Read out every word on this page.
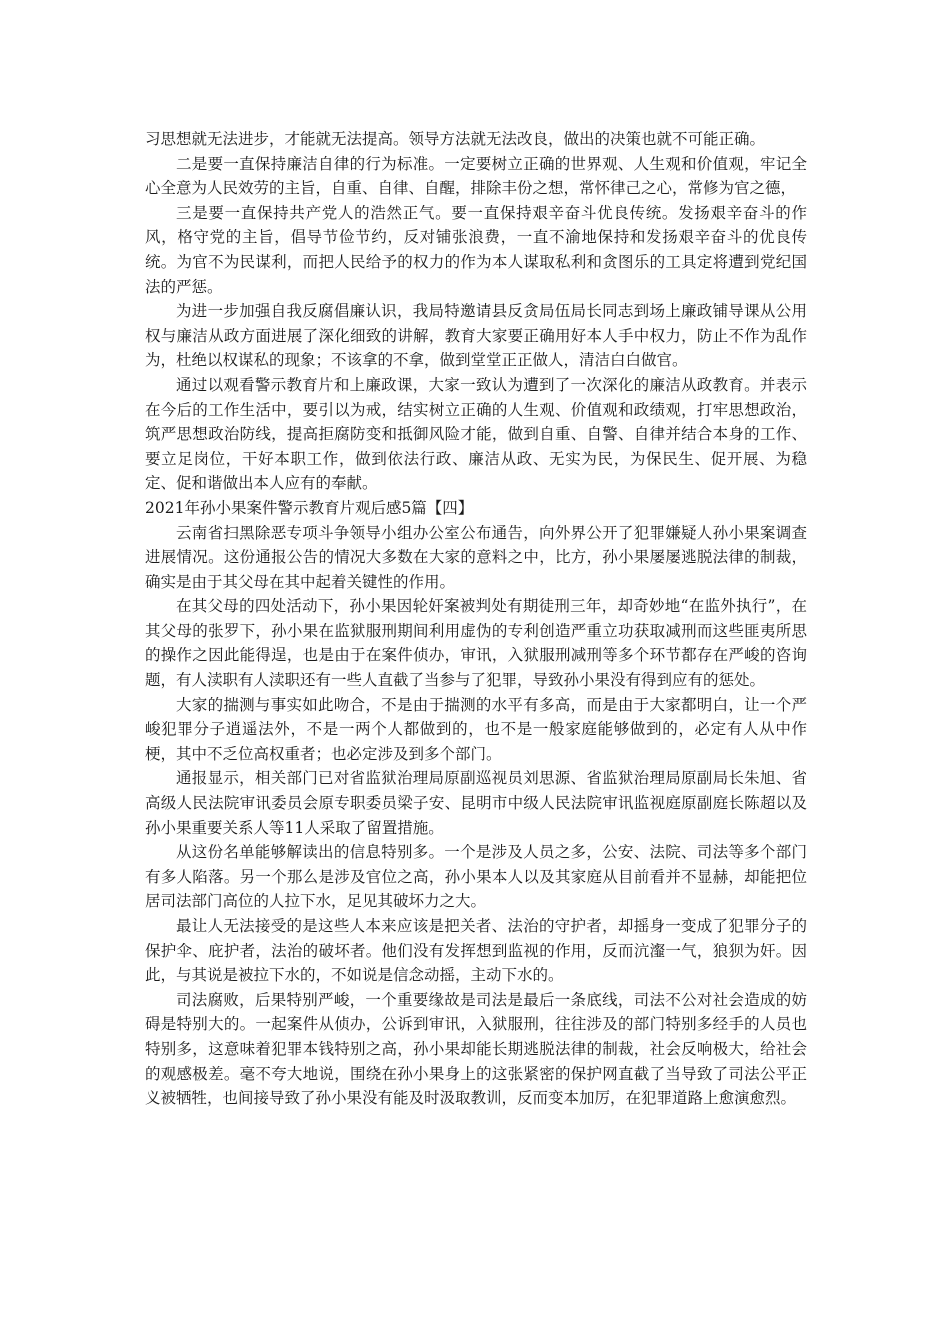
习思想就无法进步，才能就无法提高。领导方法就无法改良，做出的决策也就不可能正确。

二是要一直保持廉洁自律的行为标准。一定要树立正确的世界观、人生观和价值观，牢记全心全意为人民效劳的主旨，自重、自律、自醒，排除丰份之想，常怀律己之心，常修为官之德，

三是要一直保持共产党人的浩然正气。要一直保持艰辛奋斗优良传统。发扬艰辛奋斗的作风，格守党的主旨，倡导节俭节约，反对铺张浪费，一直不渝地保持和发扬艰辛奋斗的优良传统。为官不为民谋利，而把人民给予的权力的作为本人谋取私利和贪图乐的工具定将遭到党纪国法的严惩。

为进一步加强自我反腐倡廉认识，我局特邀请县反贪局伍局长同志到场上廉政铺导课从公用权与廉洁从政方面进展了深化细致的讲解，教育大家要正确用好本人手中权力，防止不作为乱作为，杜绝以权谋私的现象；不该拿的不拿，做到堂堂正正做人，清洁白白做官。

通过以观看警示教育片和上廉政课，大家一致认为遭到了一次深化的廉洁从政教育。并表示在今后的工作生活中，要引以为戒，结实树立正确的人生观、价值观和政绩观，打牢思想政治，筑严思想政治防线，提高拒腐防变和抵御风险才能，做到自重、自警、自律并结合本身的工作、要立足岗位，干好本职工作，做到依法行政、廉洁从政、无实为民，为保民生、促开展、为稳定、促和谐做出本人应有的奉献。

2021年孙小果案件警示教育片观后感5篇【四】

云南省扫黑除恶专项斗争领导小组办公室公布通告，向外界公开了犯罪嫌疑人孙小果案调查进展情况。这份通报公告的情况大多数在大家的意料之中，比方，孙小果屡屡逃脱法律的制裁，确实是由于其父母在其中起着关键性的作用。

在其父母的四处活动下，孙小果因轮奸案被判处有期徒刑三年，却奇妙地“在监外执行”，在其父母的张罗下，孙小果在监狱服刑期间利用虚伪的专利创造严重立功获取减刑而这些匪夷所思的操作之因此能得逞，也是由于在案件侦办，审讯，入狱服刑减刑等多个环节都存在严峻的咨询题，有人渎职有人渎职还有一些人直截了当参与了犯罪，导致孙小果没有得到应有的惩处。

大家的揣测与事实如此吻合，不是由于揣测的水平有多高，而是由于大家都明白，让一个严峻犯罪分子逍遥法外，不是一两个人都做到的，也不是一般家庭能够做到的，必定有人从中作梗，其中不乏位高权重者；也必定涉及到多个部门。

通报显示，相关部门已对省监狱治理局原副巡视员刘思源、省监狱治理局原副局长朱旭、省高级人民法院审讯委员会原专职委员梁子安、昆明市中级人民法院审讯监视庭原副庭长陈超以及孙小果重要关系人等11人采取了留置措施。

从这份名单能够解读出的信息特别多。一个是涉及人员之多，公安、法院、司法等多个部门有多人陷落。另一个那么是涉及官位之高，孙小果本人以及其家庭从目前看并不显赫，却能把位居司法部门高位的人拉下水，足见其破坏力之大。

最让人无法接受的是这些人本来应该是把关者、法治的守护者，却摇身一变成了犯罪分子的保护伞、庇护者，法治的破坏者。他们没有发挥想到监视的作用，反而沆瀣一气，狼狈为奸。因此，与其说是被拉下水的，不如说是信念动摇，主动下水的。

司法腐败，后果特别严峻，一个重要缘故是司法是最后一条底线，司法不公对社会造成的妨碍是特别大的。一起案件从侦办，公诉到审讯，入狱服刑，往往涉及的部门特别多经手的人员也特别多，这意味着犯罪本钱特别之高，孙小果却能长期逃脱法律的制裁，社会反响极大，给社会的观感极差。毫不夸大地说，围绕在孙小果身上的这张紧密的保护网直截了当导致了司法公平正义被牺牲，也间接导致了孙小果没有能及时汲取教训，反而变本加厉，在犯罪道路上愈演愈烈。
